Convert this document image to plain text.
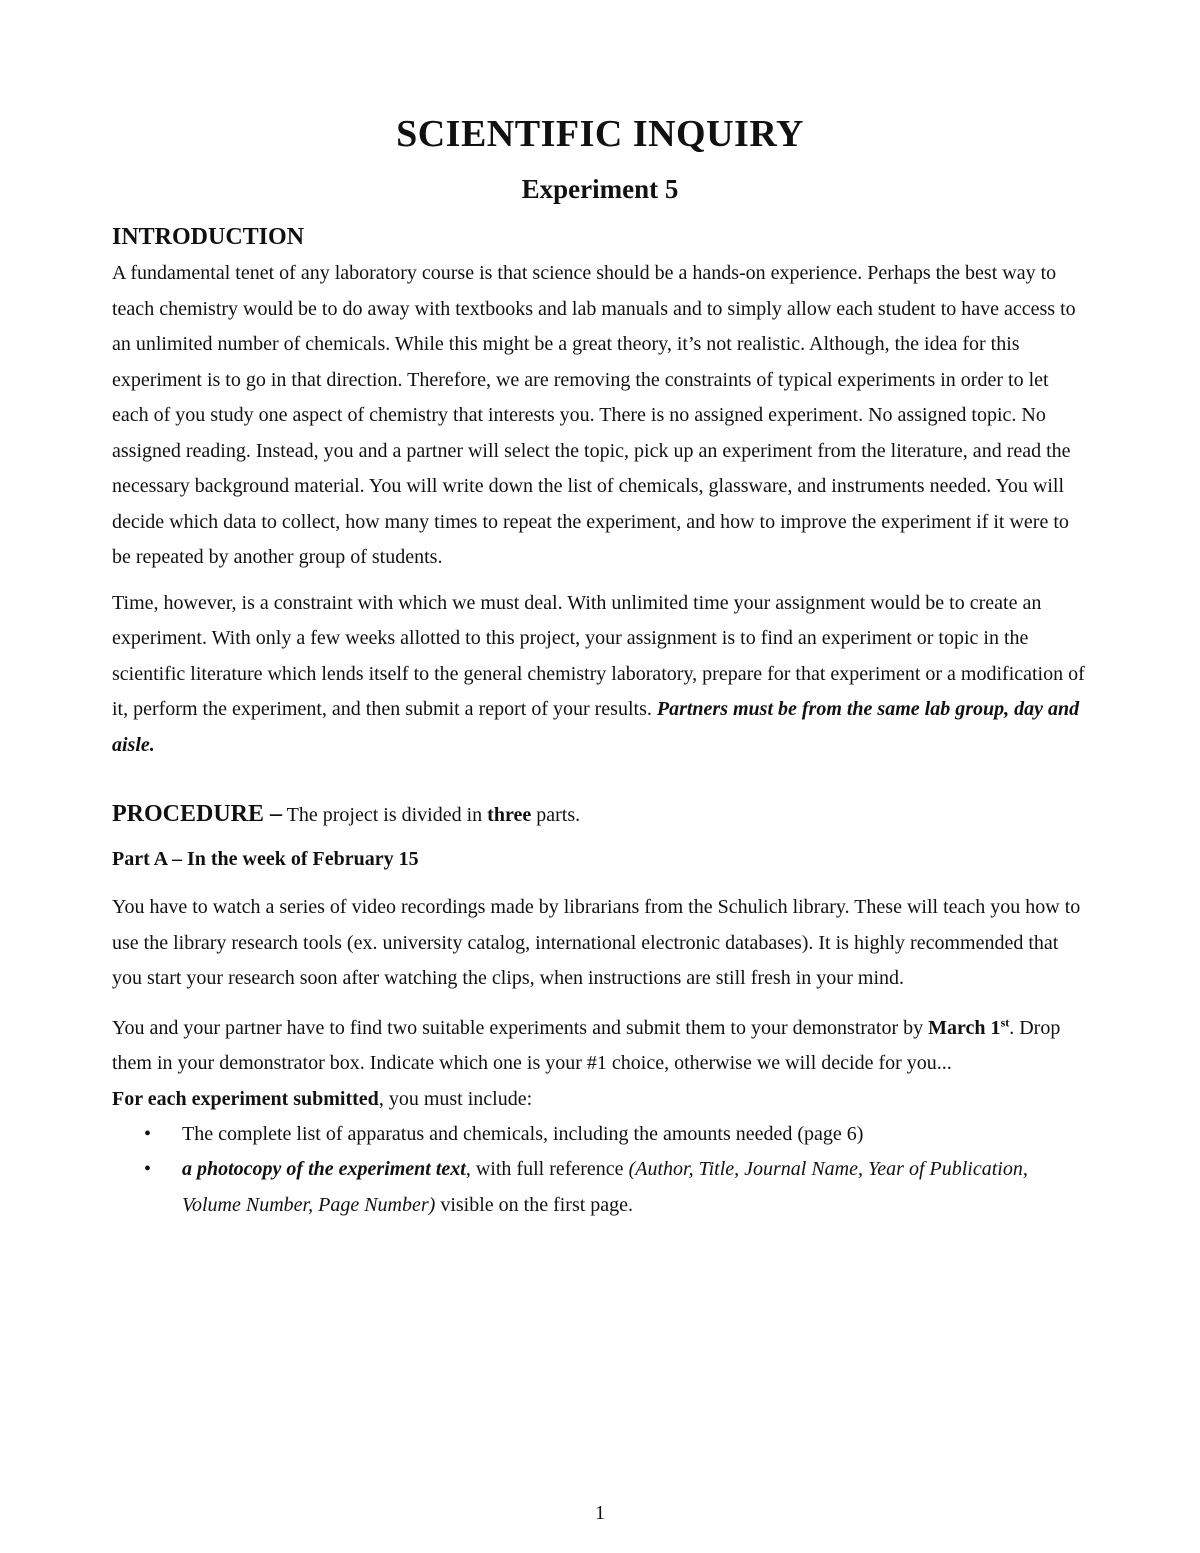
SCIENTIFIC INQUIRY
Experiment 5
INTRODUCTION

A fundamental tenet of any laboratory course is that science should be a hands-on experience. Perhaps the best way to teach chemistry would be to do away with textbooks and lab manuals and to simply allow each student to have access to an unlimited number of chemicals. While this might be a great theory, it’s not realistic. Although, the idea for this experiment is to go in that direction. Therefore, we are removing the constraints of typical experiments in order to let each of you study one aspect of chemistry that interests you. There is no assigned experiment. No assigned topic. No assigned reading. Instead, you and a partner will select the topic, pick up an experiment from the literature, and read the necessary background material. You will write down the list of chemicals, glassware, and instruments needed. You will decide which data to collect, how many times to repeat the experiment, and how to improve the experiment if it were to be repeated by another group of students.

Time, however, is a constraint with which we must deal. With unlimited time your assignment would be to create an experiment. With only a few weeks allotted to this project, your assignment is to find an experiment or topic in the scientific literature which lends itself to the general chemistry laboratory, prepare for that experiment or a modification of it, perform the experiment, and then submit a report of your results. Partners must be from the same lab group, day and aisle.

PROCEDURE – The project is divided in three parts.
Part A – In the week of February 15

You have to watch a series of video recordings made by librarians from the Schulich library. These will teach you how to use the library research tools (ex. university catalog, international electronic databases). It is highly recommended that you start your research soon after watching the clips, when instructions are still fresh in your mind.

You and your partner have to find two suitable experiments and submit them to your demonstrator by March 1st. Drop them in your demonstrator box. Indicate which one is your #1 choice, otherwise we will decide for you...

For each experiment submitted, you must include:

• The complete list of apparatus and chemicals, including the amounts needed (page 6)
• a photocopy of the experiment text, with full reference (Author, Title, Journal Name, Year of Publication, Volume Number, Page Number) visible on the first page.
1
